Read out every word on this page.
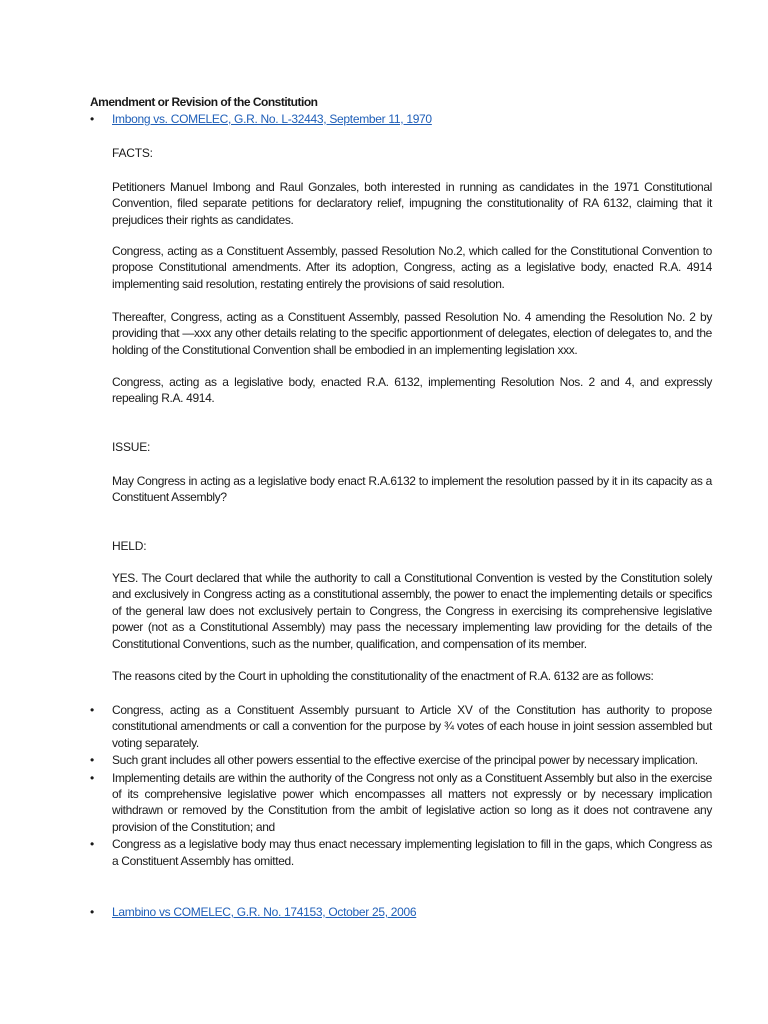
Amendment or Revision of the Constitution
• Imbong vs. COMELEC, G.R. No. L-32443, September 11, 1970
FACTS:
Petitioners Manuel Imbong and Raul Gonzales, both interested in running as candidates in the 1971 Constitutional Convention, filed separate petitions for declaratory relief, impugning the constitutionality of RA 6132, claiming that it prejudices their rights as candidates.
Congress, acting as a Constituent Assembly, passed Resolution No.2, which called for the Constitutional Convention to propose Constitutional amendments. After its adoption, Congress, acting as a legislative body, enacted R.A. 4914 implementing said resolution, restating entirely the provisions of said resolution.
Thereafter, Congress, acting as a Constituent Assembly, passed Resolution No. 4 amending the Resolution No. 2 by providing that ―xxx any other details relating to the specific apportionment of delegates, election of delegates to, and the holding of the Constitutional Convention shall be embodied in an implementing legislation xxx.
Congress, acting as a legislative body, enacted R.A. 6132, implementing Resolution Nos. 2 and 4, and expressly repealing R.A. 4914.
ISSUE:
May Congress in acting as a legislative body enact R.A.6132 to implement the resolution passed by it in its capacity as a Constituent Assembly?
HELD:
YES. The Court declared that while the authority to call a Constitutional Convention is vested by the Constitution solely and exclusively in Congress acting as a constitutional assembly, the power to enact the implementing details or specifics of the general law does not exclusively pertain to Congress, the Congress in exercising its comprehensive legislative power (not as a Constitutional Assembly) may pass the necessary implementing law providing for the details of the Constitutional Conventions, such as the number, qualification, and compensation of its member.
The reasons cited by the Court in upholding the constitutionality of the enactment of R.A. 6132 are as follows:
• Congress, acting as a Constituent Assembly pursuant to Article XV of the Constitution has authority to propose constitutional amendments or call a convention for the purpose by ¾ votes of each house in joint session assembled but voting separately.
• Such grant includes all other powers essential to the effective exercise of the principal power by necessary implication.
• Implementing details are within the authority of the Congress not only as a Constituent Assembly but also in the exercise of its comprehensive legislative power which encompasses all matters not expressly or by necessary implication withdrawn or removed by the Constitution from the ambit of legislative action so long as it does not contravene any provision of the Constitution; and
• Congress as a legislative body may thus enact necessary implementing legislation to fill in the gaps, which Congress as a Constituent Assembly has omitted.
• Lambino vs COMELEC, G.R. No. 174153, October 25, 2006
